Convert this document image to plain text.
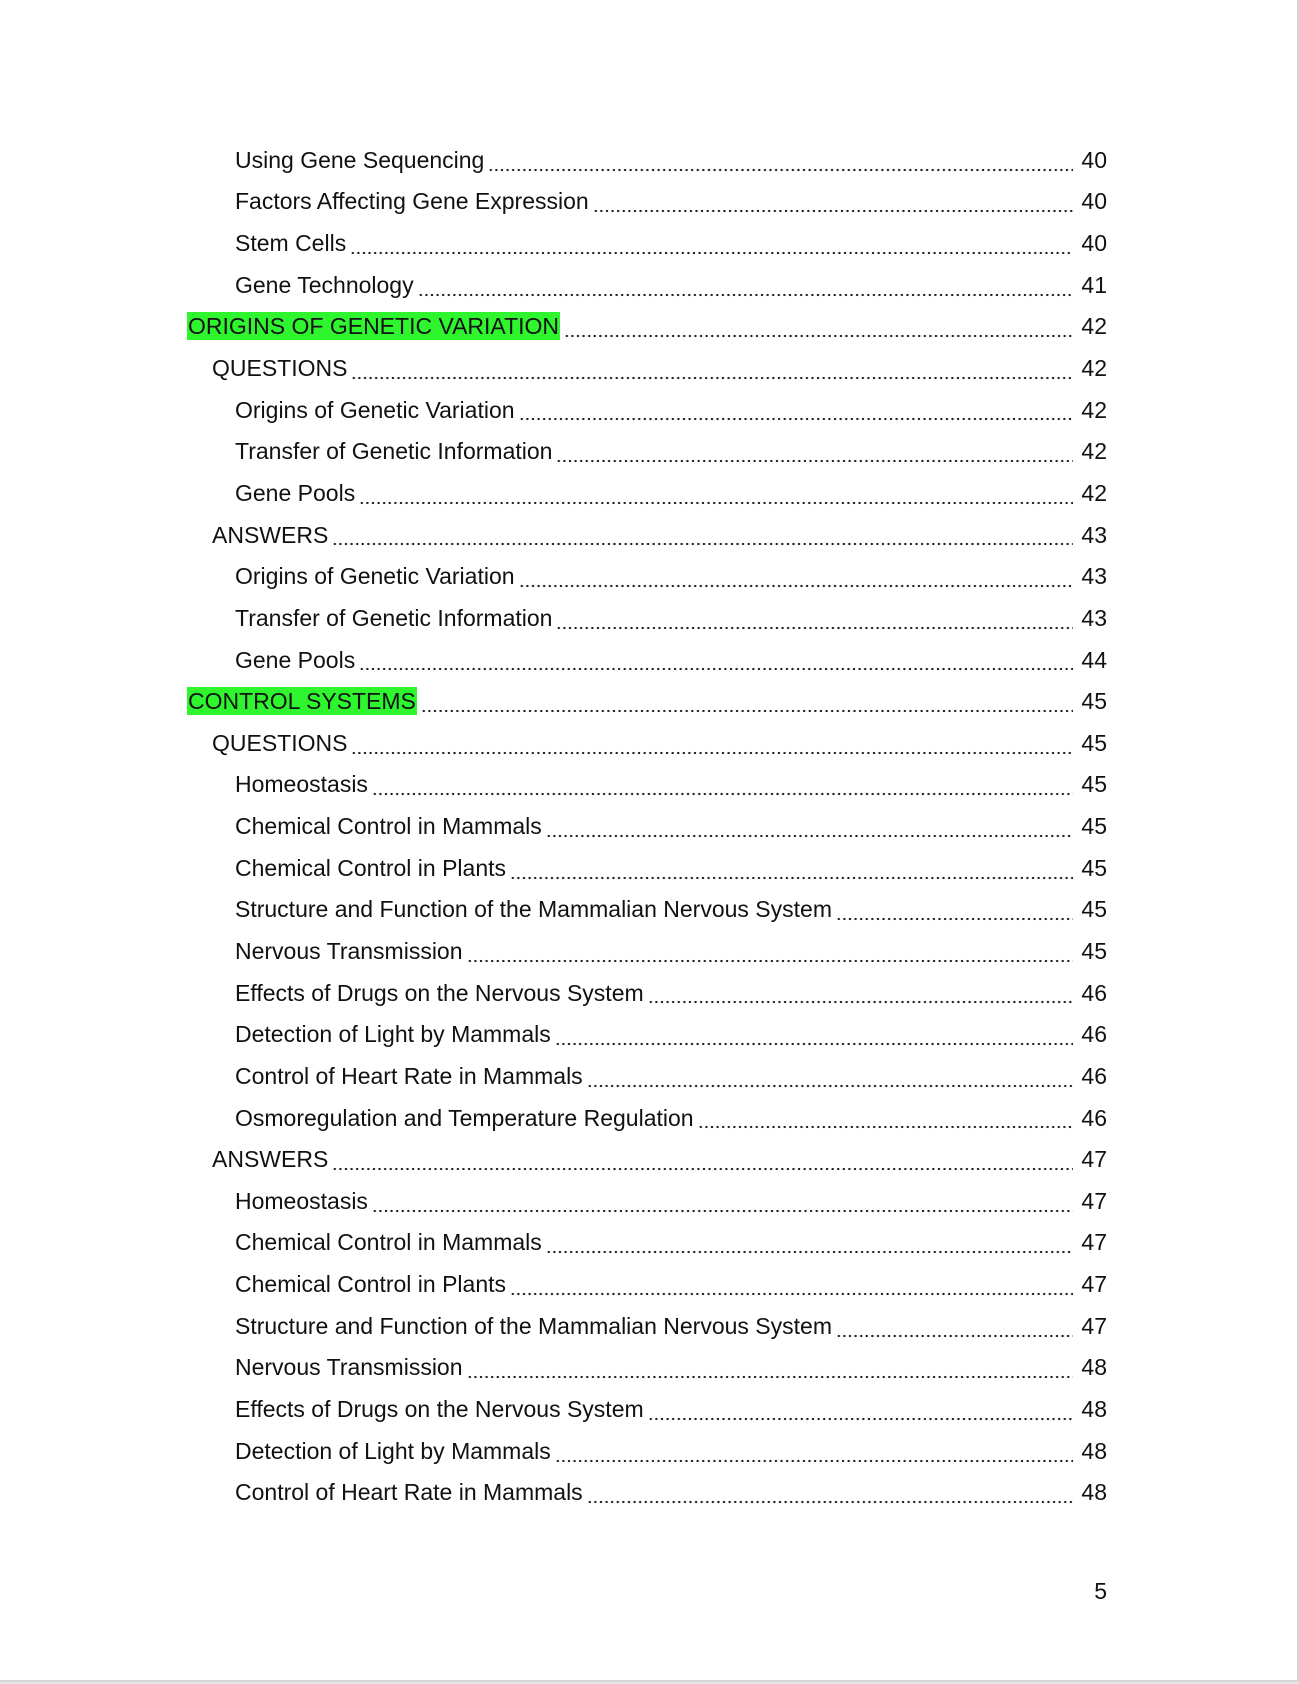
Using Gene Sequencing	40
Factors Affecting Gene Expression	40
Stem Cells	40
Gene Technology	41
ORIGINS OF GENETIC VARIATION	42
QUESTIONS	42
Origins of Genetic Variation	42
Transfer of Genetic Information	42
Gene Pools	42
ANSWERS	43
Origins of Genetic Variation	43
Transfer of Genetic Information	43
Gene Pools	44
CONTROL SYSTEMS	45
QUESTIONS	45
Homeostasis	45
Chemical Control in Mammals	45
Chemical Control in Plants	45
Structure and Function of the Mammalian Nervous System	45
Nervous Transmission	45
Effects of Drugs on the Nervous System	46
Detection of Light by Mammals	46
Control of Heart Rate in Mammals	46
Osmoregulation and Temperature Regulation	46
ANSWERS	47
Homeostasis	47
Chemical Control in Mammals	47
Chemical Control in Plants	47
Structure and Function of the Mammalian Nervous System	47
Nervous Transmission	48
Effects of Drugs on the Nervous System	48
Detection of Light by Mammals	48
Control of Heart Rate in Mammals	48
5
